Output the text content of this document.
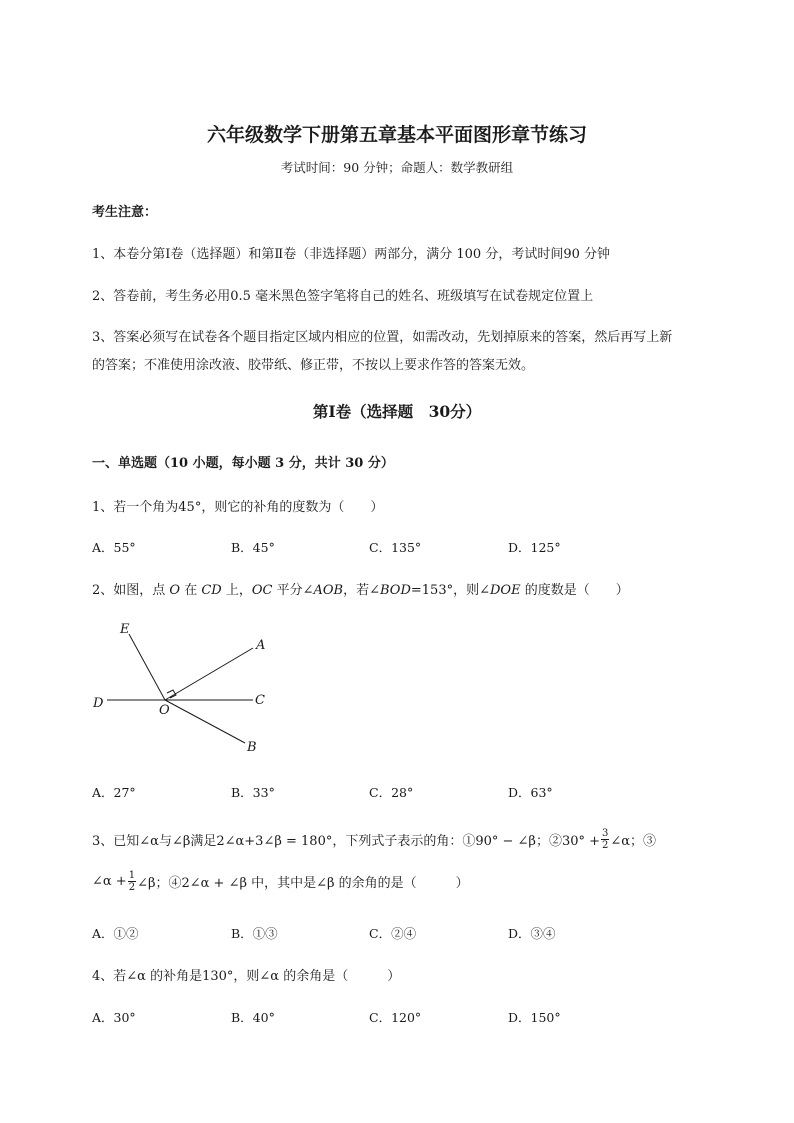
六年级数学下册第五章基本平面图形章节练习
考试时间：90 分钟；命题人：数学教研组
考生注意：
1、本卷分第Ⅰ卷（选择题）和第Ⅱ卷（非选择题）两部分，满分 100 分，考试时间90 分钟
2、答卷前，考生务必用0.5 毫米黑色签字笔将自己的姓名、班级填写在试卷规定位置上
3、答案必须写在试卷各个题目指定区域内相应的位置，如需改动，先划掉原来的答案，然后再写上新
的答案；不准使用涂改液、胶带纸、修正带，不按以上要求作答的答案无效。
第Ⅰ卷（选择题　30分）
一、单选题（10 小题，每小题 3 分，共计 30 分）
1、若一个角为45°，则它的补角的度数为（　　）
A．55°	B．45°	C．135°	D．125°
2、如图，点 O 在 CD 上，OC 平分∠AOB，若∠BOD=153°，则∠DOE 的度数是（　　）
E
A
D	O
C
B
A．27°	B．33°	C．28°	D．63°
3、已知∠α与∠β满足2∠α+3∠β = 180°，下列式子表示的角：①90° − ∠β；②30° + $\frac{3}{2}$ ∠α；③
∠α + $\frac{1}{2}$ ∠β；④2∠α + ∠β 中，其中是∠β 的余角的是（　　　）
A．①②	B．①③	C．②④	D．③④
4、若∠α 的补角是130°，则∠α 的余角是（　　　）
A．30°	B．40°	C．120°	D．150°
